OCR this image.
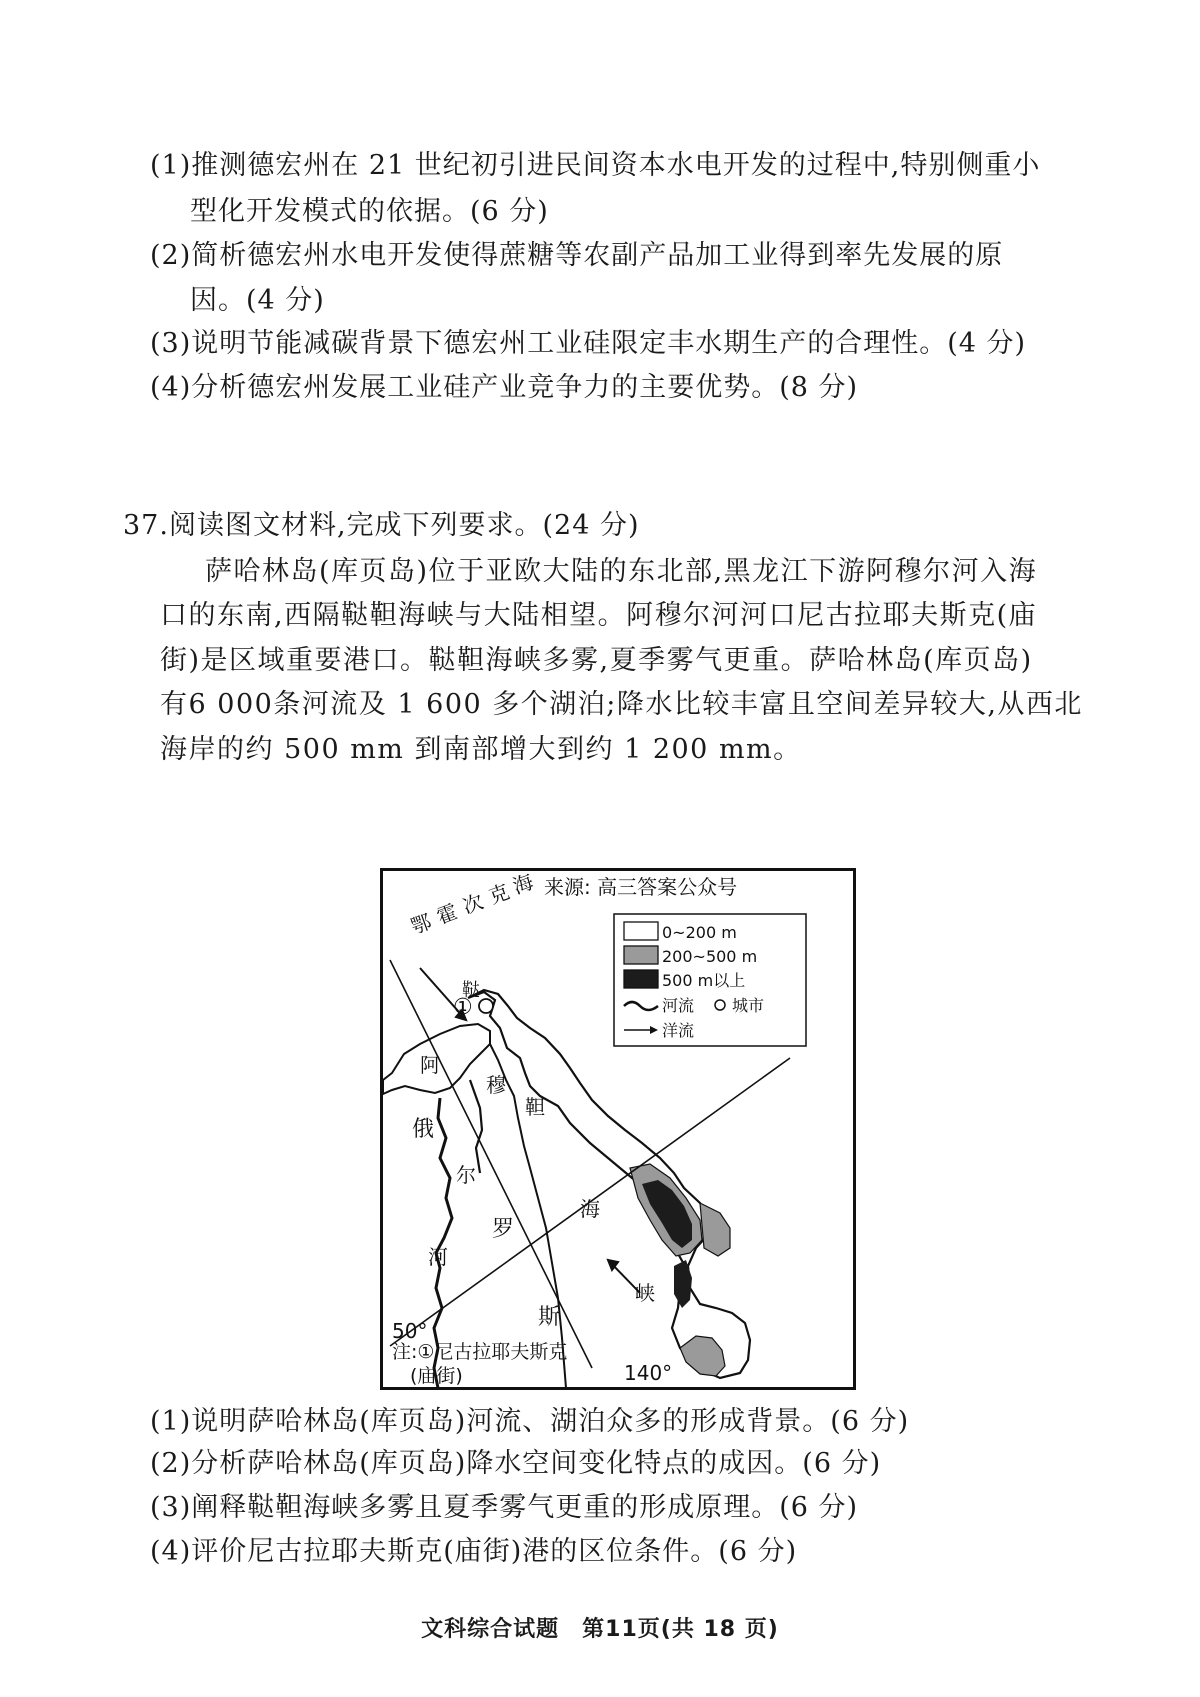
(1)推测德宏州在 21 世纪初引进民间资本水电开发的过程中,特别侧重小
型化开发模式的依据。(6 分)
(2)简析德宏州水电开发使得蔗糖等农副产品加工业得到率先发展的原
因。(4 分)
(3)说明节能减碳背景下德宏州工业硅限定丰水期生产的合理性。(4 分)
(4)分析德宏州发展工业硅产业竞争力的主要优势。(8 分)
37.阅读图文材料,完成下列要求。(24 分)
萨哈林岛(库页岛)位于亚欧大陆的东北部,黑龙江下游阿穆尔河入海
口的东南,西隔鞑靼海峡与大陆相望。阿穆尔河河口尼古拉耶夫斯克(庙
街)是区域重要港口。鞑靼海峡多雾,夏季雾气更重。萨哈林岛(库页岛)
有6 000条河流及 1 600 多个湖泊;降水比较丰富且空间差异较大,从西北
海岸的约 500 mm 到南部增大到约 1 200 mm。
①
鄂
霍
次
克
海 来源: 高三答案公众号
鞑
靼
海
峡
阿
穆
尔
河
俄
罗
斯
50°
140°
注:①尼古拉耶夫斯克
(庙街)
0~200 m
200~500 m
500 m以上
河流 城市
洋流
(1)说明萨哈林岛(库页岛)河流、湖泊众多的形成背景。(6 分)
(2)分析萨哈林岛(库页岛)降水空间变化特点的成因。(6 分)
(3)阐释鞑靼海峡多雾且夏季雾气更重的形成原理。(6 分)
(4)评价尼古拉耶夫斯克(庙街)港的区位条件。(6 分)
文科综合试题　第11页(共 18 页)
